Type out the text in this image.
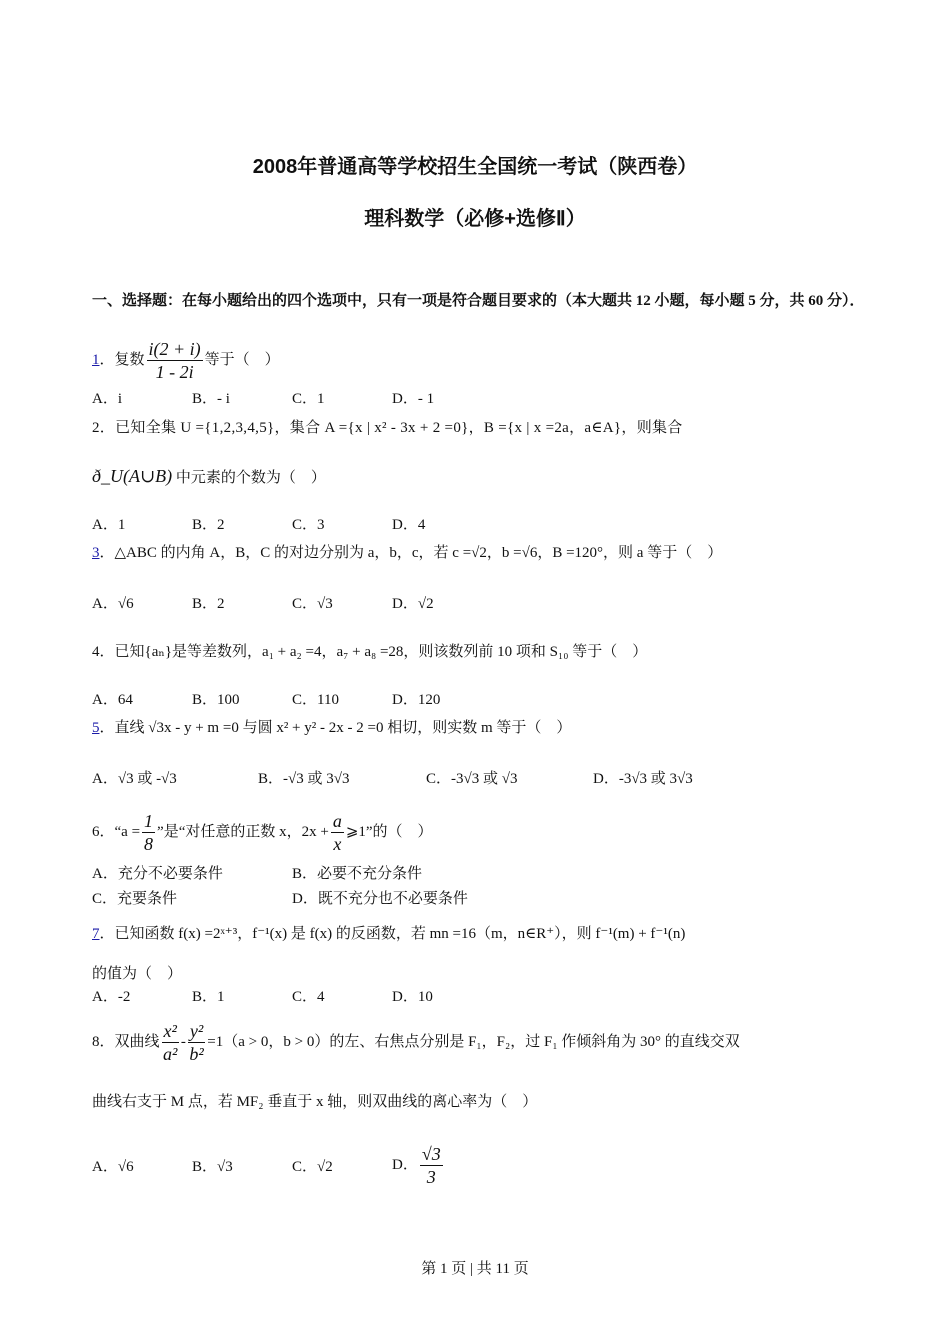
2008年普通高等学校招生全国统一考试（陕西卷）
理科数学（必修+选修Ⅱ）
一、选择题：在每小题给出的四个选项中，只有一项是符合题目要求的（本大题共 12 小题，每小题 5 分，共 60 分）．
1．复数 $\frac{i(2 + i)}{1 - 2i}$ 等于（　）
A．i	B．- i	C．1	D．- 1
2．已知全集 U ={1,2,3,4,5}，集合 A ={x | x² - 3x + 2 =0}，B ={x | x =2a，a∈A}，则集合
ð_U(A∪B) 中元素的个数为（　）
A．1	B．2	C．3	D．4
3．△ABC 的内角 A，B，C 的对边分别为 a，b，c，若 c =√2，b =√6，B =120°，则 a 等于（　）
A．√6	B．2	C．√3	D．√2
4．已知{aₙ}是等差数列，a₁ + a₂ =4，a₇ + a₈ =28，则该数列前 10 项和 S₁₀ 等于（　）
A．64	B．100	C．110	D．120
5．直线 √3x - y + m =0 与圆 x² + y² - 2x - 2 =0 相切，则实数 m 等于（　）
A．√3 或 -√3	B．-√3 或 3√3	C．-3√3 或 √3	D．-3√3 或 3√3
6．“$a = \frac{1}{8}$ ”是“对任意的正数 x，$2x + \frac{a}{x}$ ⩾1”的（　）
A．充分不必要条件	B．必要不充分条件
C．充要条件	D．既不充分也不必要条件
7．已知函数 f(x) =2ˣ⁺³，f⁻¹(x) 是 f(x) 的反函数，若 mn =16（m，n∈R⁺），则 f⁻¹(m) + f⁻¹(n)
的值为（　）
A．-2	B．1	C．4	D．10
8．双曲线 $\frac{\text{x²}}{\text{a²}} - \frac{\text{y²}}{\text{b²}} =1(a > 0$，b > 0）的左、右焦点分别是 F₁，F₂，过 F₁ 作倾斜角为 30° 的直线交双
曲线右支于 M 点，若 MF₂ 垂直于 x 轴，则双曲线的离心率为（　）
A．√6	B．√3	C．√2	D． $\frac{√3}{3}$
第 1 页 | 共 11 页
